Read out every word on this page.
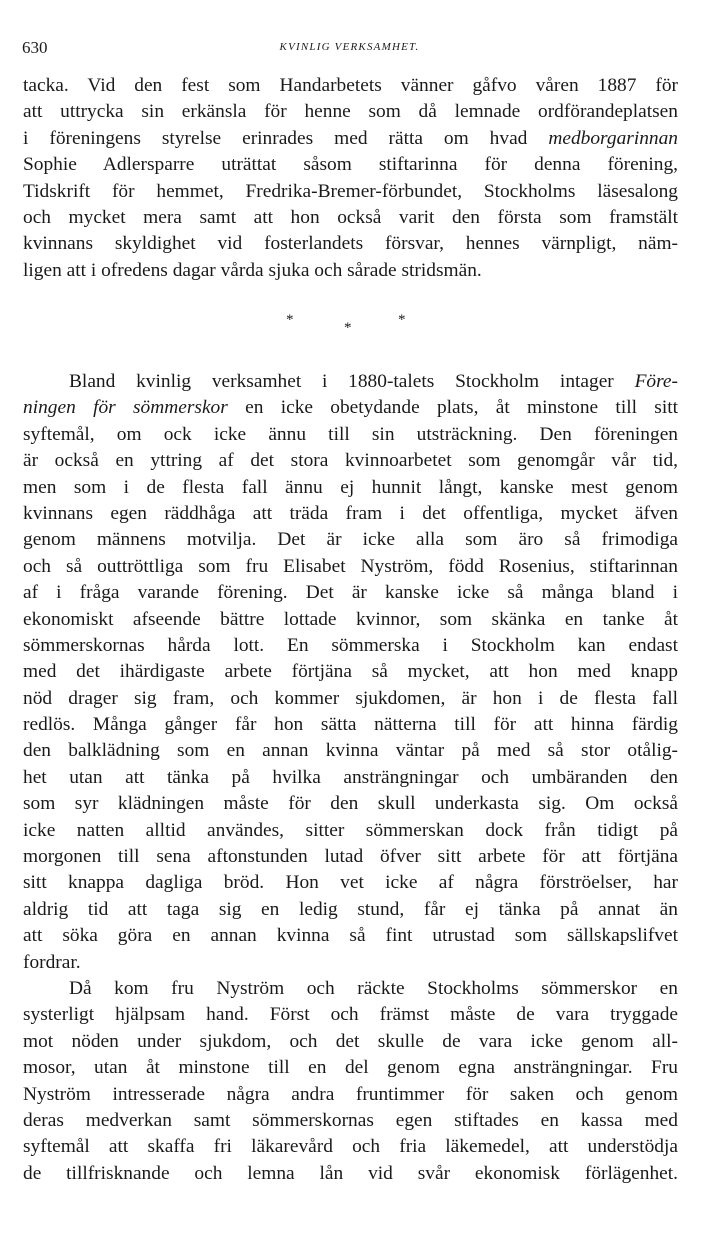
630	KVINLIG VERKSAMHET.
tacka. Vid den fest som Handarbetets vänner gåfvo våren 1887 för
att uttrycka sin erkänsla för henne som då lemnade ordförandeplatsen
i föreningens styrelse erinrades med rätta om hvad medborgarinnan
Sophie Adlersparre uträttat såsom stiftarinna för denna förening,
Tidskrift för hemmet, Fredrika-Bremer-förbundet, Stockholms läsesalong
och mycket mera samt att hon också varit den första som framstält
kvinnans skyldighet vid fosterlandets försvar, hennes värnpligt, näm-
ligen att i ofredens dagar vårda sjuka och sårade stridsmän.
*	*	*
Bland kvinlig verksamhet i 1880-talets Stockholm intager Före-
ningen för sömmerskor en icke obetydande plats, åt minstone till sitt
syftemål, om ock icke ännu till sin utsträckning. Den föreningen
är också en yttring af det stora kvinnoarbetet som genomgår vår tid,
men som i de flesta fall ännu ej hunnit långt, kanske mest genom
kvinnans egen räddhåga att träda fram i det offentliga, mycket äfven
genom männens motvilja. Det är icke alla som äro så frimodiga
och så outtröttliga som fru Elisabet Nyström, född Rosenius, stiftarinnan
af i fråga varande förening. Det är kanske icke så många bland i
ekonomiskt afseende bättre lottade kvinnor, som skänka en tanke åt
sömmerskornas hårda lott. En sömmerska i Stockholm kan endast
med det ihärdigaste arbete förtjäna så mycket, att hon med knapp
nöd drager sig fram, och kommer sjukdomen, är hon i de flesta fall
redlös. Många gånger får hon sätta nätterna till för att hinna färdig
den balklädning som en annan kvinna väntar på med så stor otålig-
het utan att tänka på hvilka ansträngningar och umbäranden den
som syr klädningen måste för den skull underkasta sig. Om också
icke natten alltid användes, sitter sömmerskan dock från tidigt på
morgonen till sena aftonstunden lutad öfver sitt arbete för att förtjäna
sitt knappa dagliga bröd. Hon vet icke af några förströelser, har
aldrig tid att taga sig en ledig stund, får ej tänka på annat än
att söka göra en annan kvinna så fint utrustad som sällskapslifvet
fordrar.
Då kom fru Nyström och räckte Stockholms sömmerskor en
systerligt hjälpsam hand. Först och främst måste de vara tryggade
mot nöden under sjukdom, och det skulle de vara icke genom all-
mosor, utan åt minstone till en del genom egna ansträngningar. Fru
Nyström intresserade några andra fruntimmer för saken och genom
deras medverkan samt sömmerskornas egen stiftades en kassa med
syftemål att skaffa fri läkarevård och fria läkemedel, att understödja
de tillfrisknande och lemna lån vid svår ekonomisk förlägenhet.
